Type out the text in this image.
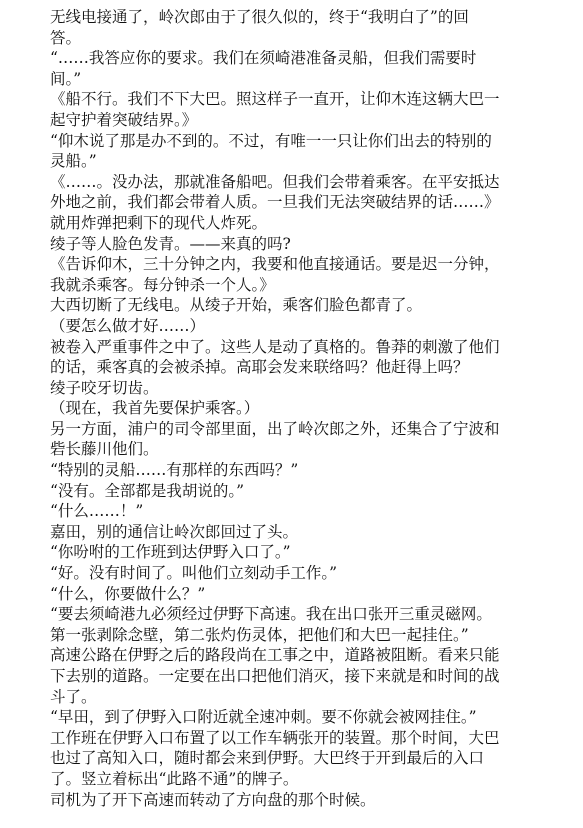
无线电接通了，岭次郎由于了很久似的，终于“我明白了”的回

答。

“……我答应你的要求。我们在须崎港准备灵船，但我们需要时

间。”

《船不行。我们不下大巴。照这样子一直开，让仰木连这辆大巴一

起守护着突破结界。》

“仰木说了那是办不到的。不过，有唯一一只让你们出去的特别的

灵船。”

《……。没办法，那就准备船吧。但我们会带着乘客。在平安抵达

外地之前，我们都会带着人质。一旦我们无法突破结界的话……》

就用炸弹把剩下的现代人炸死。

绫子等人脸色发青。——来真的吗?

《告诉仰木，三十分钟之内，我要和他直接通话。要是迟一分钟，

我就杀乘客。每分钟杀一个人。》

大西切断了无线电。从绫子开始，乘客们脸色都青了。

（要怎么做才好……）

被卷入严重事件之中了。这些人是动了真格的。鲁莽的刺激了他们

的话，乘客真的会被杀掉。高耶会发来联络吗？他赶得上吗？

绫子咬牙切齿。

（现在，我首先要保护乘客。）

另一方面，浦户的司令部里面，出了岭次郎之外，还集合了宁波和

砦长藤川他们。

“特别的灵船……有那样的东西吗？”

“没有。全部都是我胡说的。”

“什么……！”

嘉田，别的通信让岭次郎回过了头。

“你吩咐的工作班到达伊野入口了。”

“好。没有时间了。叫他们立刻动手工作。”

“什么，你要做什么？”

“要去须崎港九必须经过伊野下高速。我在出口张开三重灵磁网。

第一张剥除念壁，第二张灼伤灵体，把他们和大巴一起挂住。”

高速公路在伊野之后的路段尚在工事之中，道路被阻断。看来只能

下去别的道路。一定要在出口把他们消灭，接下来就是和时间的战

斗了。

“早田，到了伊野入口附近就全速冲刺。要不你就会被网挂住。”

工作班在伊野入口布置了以工作车辆张开的装置。那个时间，大巴

也过了高知入口，随时都会来到伊野。大巴终于开到最后的入口

了。竖立着标出“此路不通”的牌子。

司机为了开下高速而转动了方向盘的那个时候。
